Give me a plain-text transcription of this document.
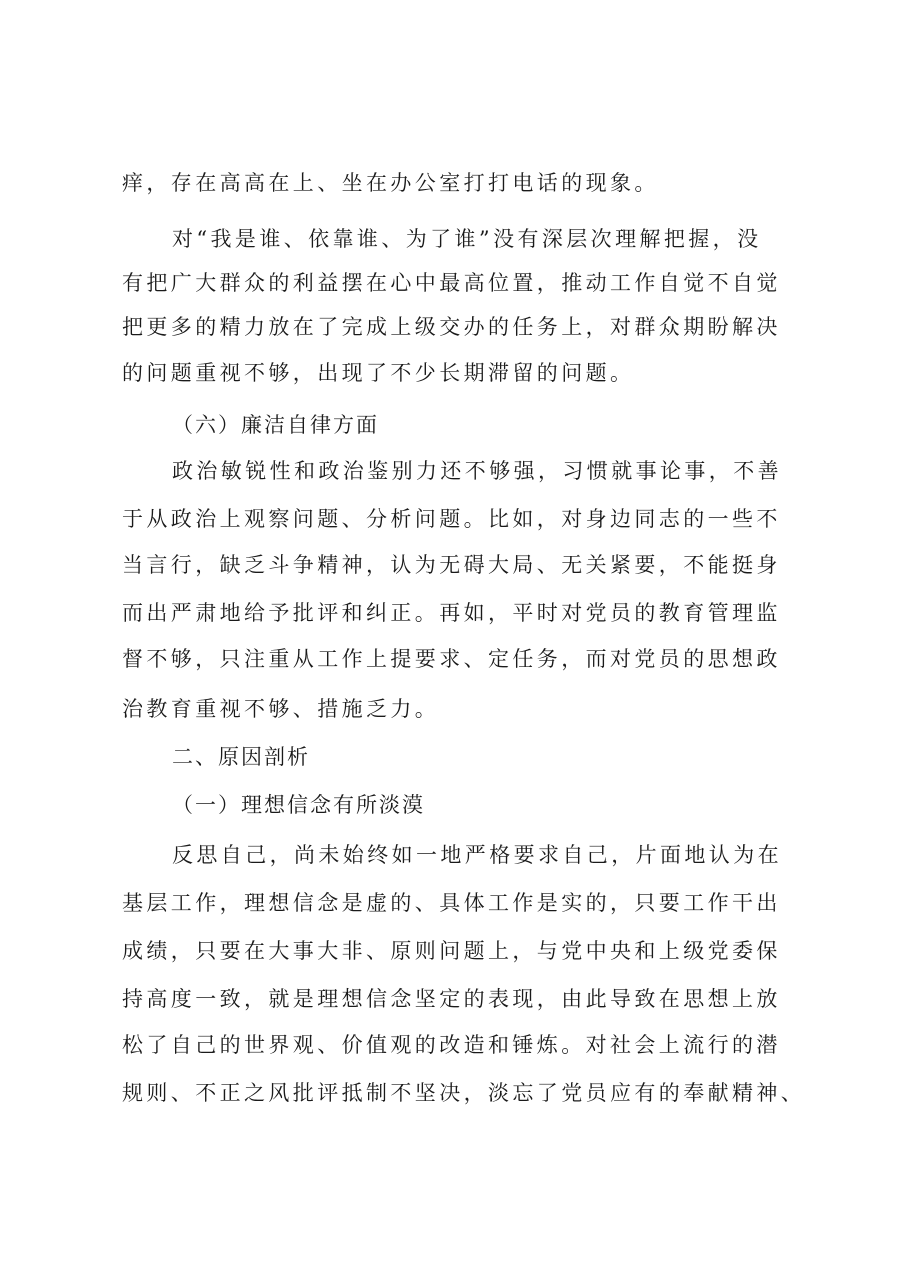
痒，存在高高在上、坐在办公室打打电话的现象。
对“我是谁、依靠谁、为了谁”没有深层次理解把握，没
有把广大群众的利益摆在心中最高位置，推动工作自觉不自觉
把更多的精力放在了完成上级交办的任务上，对群众期盼解决
的问题重视不够，出现了不少长期滞留的问题。
（六）廉洁自律方面
政治敏锐性和政治鉴别力还不够强，习惯就事论事，不善
于从政治上观察问题、分析问题。比如，对身边同志的一些不
当言行，缺乏斗争精神，认为无碍大局、无关紧要，不能挺身
而出严肃地给予批评和纠正。再如，平时对党员的教育管理监
督不够，只注重从工作上提要求、定任务，而对党员的思想政
治教育重视不够、措施乏力。
二、原因剖析
（一）理想信念有所淡漠
反思自己，尚未始终如一地严格要求自己，片面地认为在
基层工作，理想信念是虚的、具体工作是实的，只要工作干出
成绩，只要在大事大非、原则问题上，与党中央和上级党委保
持高度一致，就是理想信念坚定的表现，由此导致在思想上放
松了自己的世界观、价值观的改造和锤炼。对社会上流行的潜
规则、不正之风批评抵制不坚决，淡忘了党员应有的奉献精神、
